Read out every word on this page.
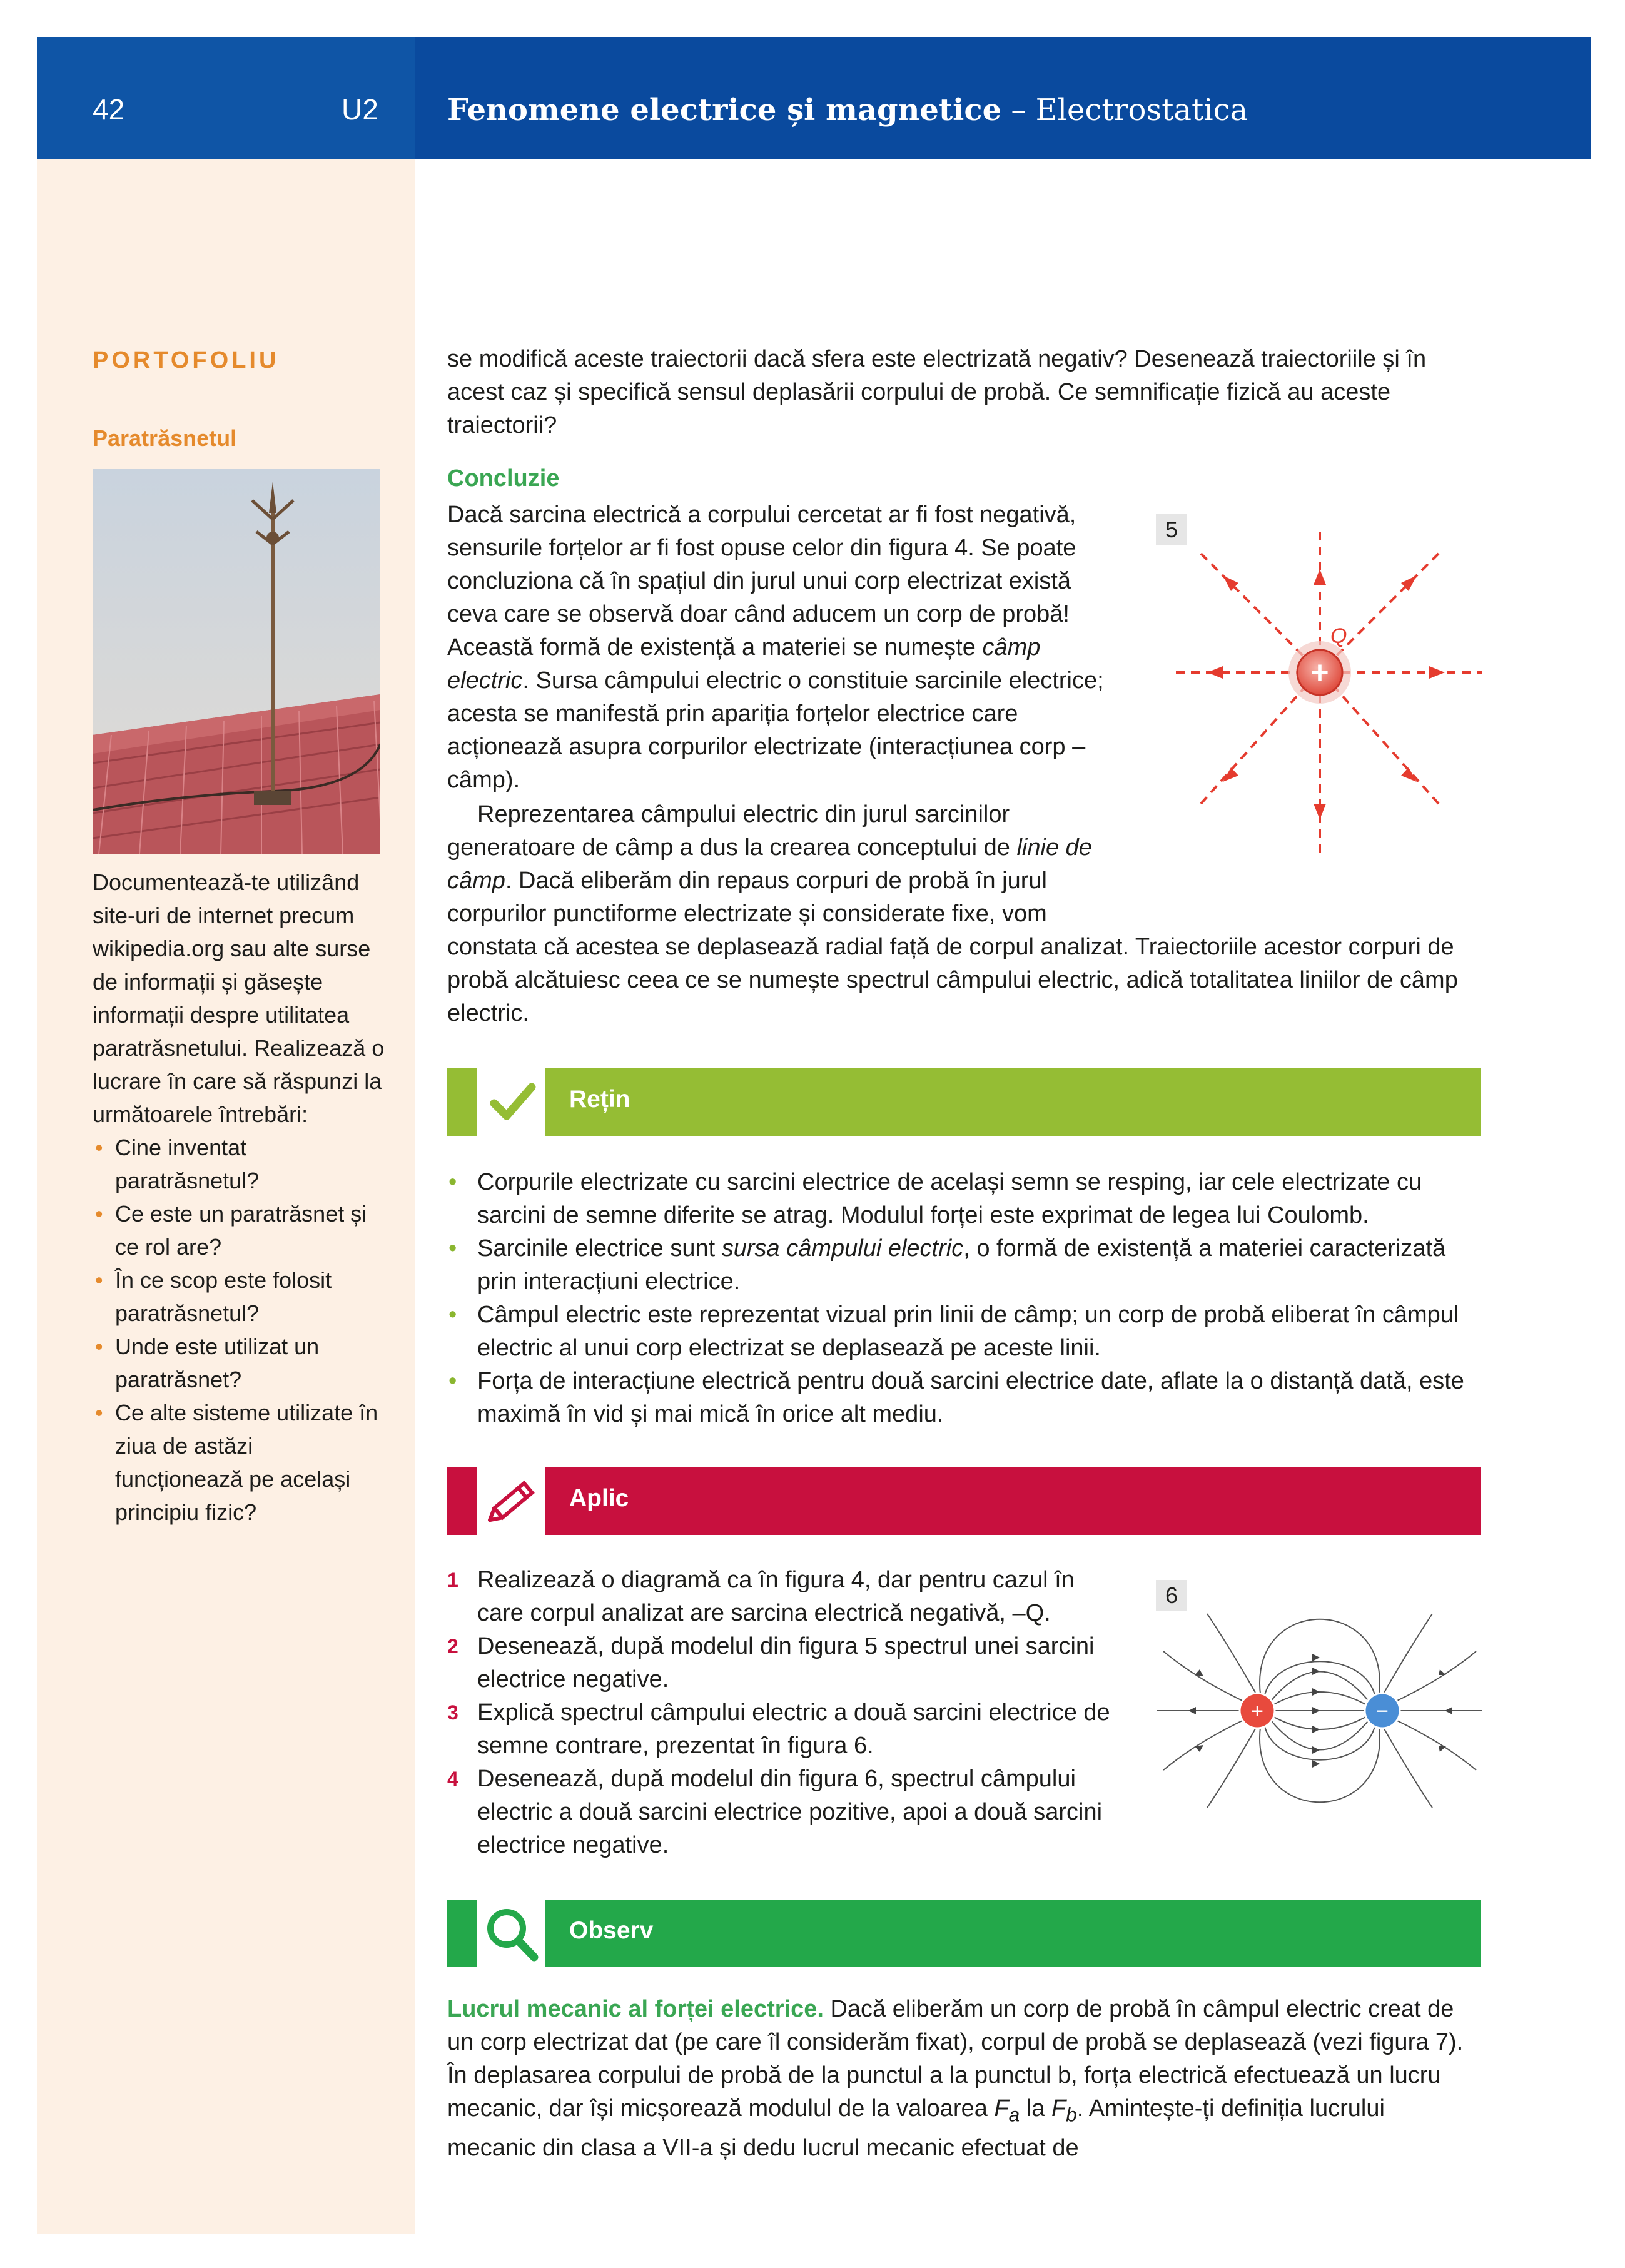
42	U2 Fenomene electrice și magnetice – Electrostatica
PORTOFOLIU
Paratrăsnetul
Documentează-te utilizând site-uri de internet precum wikipedia.org sau alte surse de informații și găsește informații despre utilitatea paratrăsnetului. Realizează o lucrare în care să răspunzi la următoarele întrebări:
• Cine inventat paratrăsnetul?
• Ce este un paratrăsnet și ce rol are?
• În ce scop este folosit paratrăsnetul?
• Unde este utilizat un paratrăsnet?
• Ce alte sisteme utilizate în ziua de astăzi funcționează pe același principiu fizic?

se modifică aceste traiectorii dacă sfera este electrizată negativ? Desenează traiectoriile și în acest caz și specifică sensul deplasării corpului de probă. Ce semnificație fizică au aceste traiectorii?

Concluzie

Dacă sarcina electrică a corpului cercetat ar fi fost negativă, sensurile forțelor ar fi fost opuse celor din figura 4. Se poate concluziona că în spațiul din jurul unui corp electrizat există ceva care se observă doar când aducem un corp de probă! Această formă de existență a materiei se numește câmp electric. Sursa câmpului electric o constituie sarcinile electrice; acesta se manifestă prin apariția forțelor electrice care acționează asupra corpurilor electrizate (interacțiunea corp – câmp).

Reprezentarea câmpului electric din jurul sarcinilor generatoare de câmp a dus la crearea conceptului de linie de câmp. Dacă eliberăm din repaus corpuri de probă în jurul corpurilor punctiforme electrizate și considerate fixe, vom

constata că acestea se deplasează radial față de corpul analizat. Traiectoriile acestor corpuri de probă alcătuiesc ceea ce se numește spectrul câmpului electric, adică totalitatea liniilor de câmp electric.

5
+
Q
Rețin
• Corpurile electrizate cu sarcini electrice de același semn se resping, iar cele electrizate cu sarcini de semne diferite se atrag. Modulul forței este exprimat de legea lui Coulomb.
• Sarcinile electrice sunt sursa câmpului electric, o formă de existență a materiei caracterizată prin interacțiuni electrice.
• Câmpul electric este reprezentat vizual prin linii de câmp; un corp de probă eliberat în câmpul electric al unui corp electrizat se deplasează pe aceste linii.
• Forța de interacțiune electrică pentru două sarcini electrice date, aflate la o distanță dată, este maximă în vid și mai mică în orice alt mediu.
Aplic
1 Realizează o diagramă ca în figura 4, dar pentru cazul în care corpul analizat are sarcina electrică negativă, –Q.
2 Desenează, după modelul din figura 5 spectrul unei sarcini electrice negative.
3 Explică spectrul câmpului electric a două sarcini electrice de semne contrare, prezentat în figura 6.
4 Desenează, după modelul din figura 6, spectrul câmpului electric a două sarcini electrice pozitive, apoi a două sarcini electrice negative.
6
+	−
Observ

Lucrul mecanic al forței electrice. Dacă eliberăm un corp de probă în câmpul electric creat de un corp electrizat dat (pe care îl considerăm fixat), corpul de probă se deplasează (vezi figura 7). În deplasarea corpului de probă de la punctul a la punctul b, forța electrică efectuează un lucru mecanic, dar își micșorează modulul de la valoarea $F_a$ la $F_b$. Amintește-ți definiția lucrului mecanic din clasa a VII-a și dedu lucrul mecanic efectuat de
